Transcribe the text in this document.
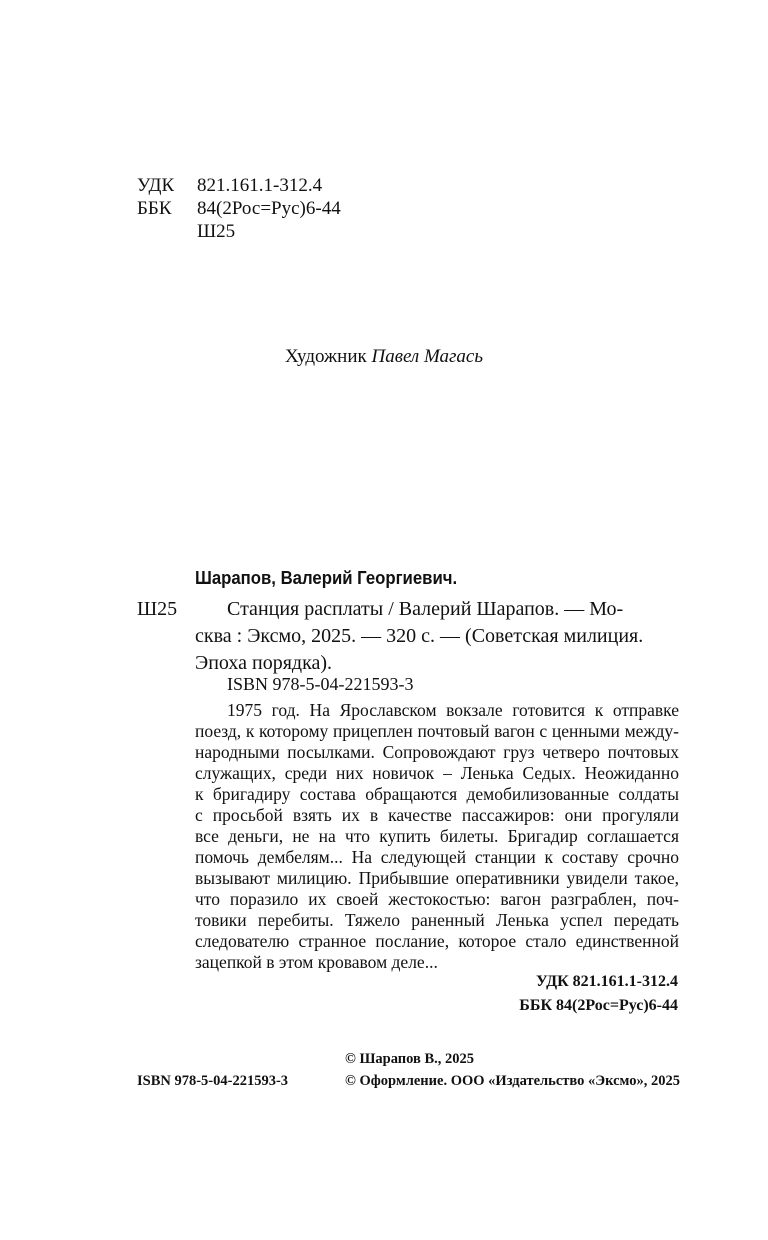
УДК 821.161.1-312.4
ББК 84(2Рос=Рус)6-44
Ш25
Художник Павел Магась
Шарапов, Валерий Георгиевич.
Ш25	Станция расплаты / Валерий Шарапов. — Мо-
сква : Эксмо, 2025. — 320 с. — (Советская милиция.
Эпоха порядка).
ISBN 978-5-04-221593-3
1975 год. На Ярославском вокзале готовится к отправке
поезд, к которому прицеплен почтовый вагон с ценными между-
народными посылками. Сопровождают груз четверо почтовых
служащих, среди них новичок – Ленька Седых. Неожиданно
к бригадиру состава обращаются демобилизованные солдаты
с просьбой взять их в качестве пассажиров: они прогуляли
все деньги, не на что купить билеты. Бригадир соглашается
помочь дембелям... На следующей станции к составу срочно
вызывают милицию. Прибывшие оперативники увидели такое,
что поразило их своей жестокостью: вагон разграблен, поч-
товики перебиты. Тяжело раненный Ленька успел передать
следователю странное послание, которое стало единственной
зацепкой в этом кровавом деле...
УДК 821.161.1-312.4
ББК 84(2Рос=Рус)6-44
© Шарапов В., 2025
ISBN 978-5-04-221593-3	© Оформление. ООО «Издательство «Эксмо», 2025
